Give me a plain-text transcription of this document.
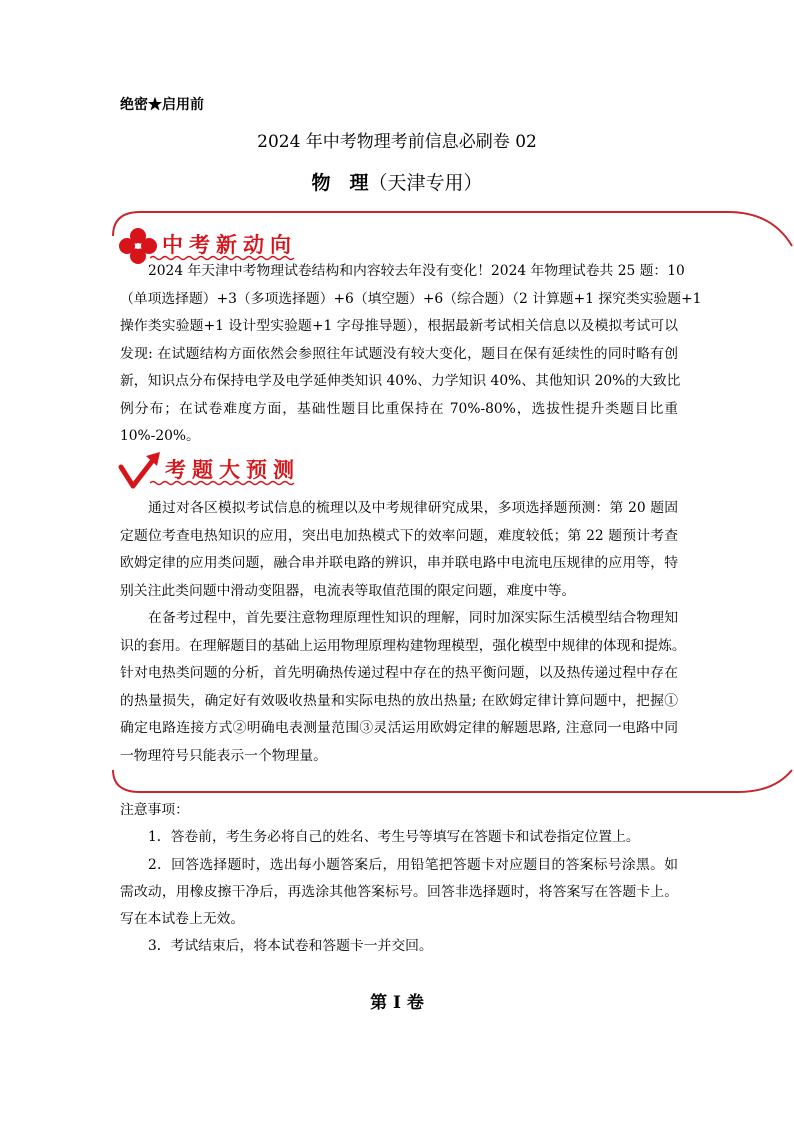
绝密★启用前
2024 年中考物理考前信息必刷卷 02
物　理（天津专用）
中考新动向
2024 年天津中考物理试卷结构和内容较去年没有变化！2024 年物理试卷共 25 题：10
（单项选择题）+3（多项选择题）+6（填空题）+6（综合题）（2 计算题+1 探究类实验题+1
操作类实验题+1 设计型实验题+1 字母推导题），根据最新考试相关信息以及模拟考试可以
发现: 在试题结构方面依然会参照往年试题没有较大变化，题目在保有延续性的同时略有创
新，知识点分布保持电学及电学延伸类知识 40%、力学知识 40%、其他知识 20%的大致比
例分布；在试卷难度方面，基础性题目比重保持在 70%-80%，选拔性提升类题目比重
10%-20%。
考题大预测
通过对各区模拟考试信息的梳理以及中考规律研究成果，多项选择题预测：第 20 题固
定题位考查电热知识的应用，突出电加热模式下的效率问题，难度较低；第 22 题预计考查
欧姆定律的应用类问题，融合串并联电路的辨识，串并联电路中电流电压规律的应用等，特
别关注此类问题中滑动变阻器，电流表等取值范围的限定问题，难度中等。
在备考过程中，首先要注意物理原理性知识的理解，同时加深实际生活模型结合物理知
识的套用。在理解题目的基础上运用物理原理构建物理模型，强化模型中规律的体现和提炼。
针对电热类问题的分析，首先明确热传递过程中存在的热平衡问题，以及热传递过程中存在
的热量损失，确定好有效吸收热量和实际电热的放出热量; 在欧姆定律计算问题中，把握①
确定电路连接方式②明确电表测量范围③灵活运用欧姆定律的解题思路, 注意同一电路中同
一物理符号只能表示一个物理量。
注意事项：
1．答卷前，考生务必将自己的姓名、考生号等填写在答题卡和试卷指定位置上。
2．回答选择题时，选出每小题答案后，用铅笔把答题卡对应题目的答案标号涂黑。如
需改动，用橡皮擦干净后，再选涂其他答案标号。回答非选择题时，将答案写在答题卡上。
写在本试卷上无效。
3．考试结束后，将本试卷和答题卡一并交回。
第 I 卷
